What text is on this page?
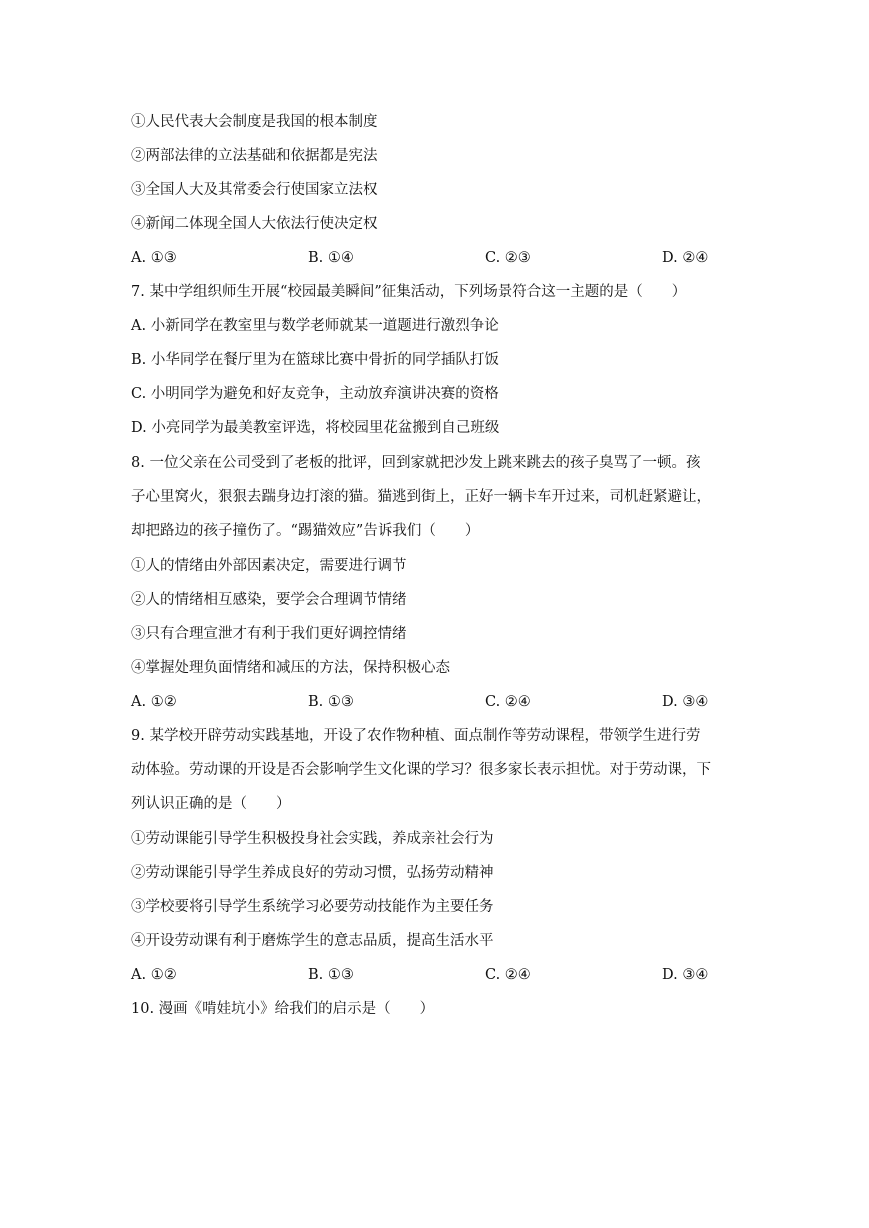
①人民代表大会制度是我国的根本制度
②两部法律的立法基础和依据都是宪法
③全国人大及其常委会行使国家立法权
④新闻二体现全国人大依法行使决定权
A. ①③	B. ①④	C. ②③	D. ②④
7. 某中学组织师生开展“校园最美瞬间”征集活动，下列场景符合这一主题的是（　　）
A. 小新同学在教室里与数学老师就某一道题进行激烈争论
B. 小华同学在餐厅里为在篮球比赛中骨折的同学插队打饭
C. 小明同学为避免和好友竞争，主动放弃演讲决赛的资格
D. 小亮同学为最美教室评选，将校园里花盆搬到自己班级
8. 一位父亲在公司受到了老板的批评，回到家就把沙发上跳来跳去的孩子臭骂了一顿。孩
子心里窝火，狠狠去踹身边打滚的猫。猫逃到街上，正好一辆卡车开过来，司机赶紧避让，
却把路边的孩子撞伤了。“踢猫效应”告诉我们（　　）
①人的情绪由外部因素决定，需要进行调节
②人的情绪相互感染，要学会合理调节情绪
③只有合理宣泄才有利于我们更好调控情绪
④掌握处理负面情绪和减压的方法，保持积极心态
A. ①②	B. ①③	C. ②④	D. ③④
9. 某学校开辟劳动实践基地，开设了农作物种植、面点制作等劳动课程，带领学生进行劳
动体验。劳动课的开设是否会影响学生文化课的学习？很多家长表示担忧。对于劳动课，下
列认识正确的是（　　）
①劳动课能引导学生积极投身社会实践，养成亲社会行为
②劳动课能引导学生养成良好的劳动习惯，弘扬劳动精神
③学校要将引导学生系统学习必要劳动技能作为主要任务
④开设劳动课有利于磨炼学生的意志品质，提高生活水平
A. ①②	B. ①③	C. ②④	D. ③④
10. 漫画《啃娃坑小》给我们的启示是（　　）
